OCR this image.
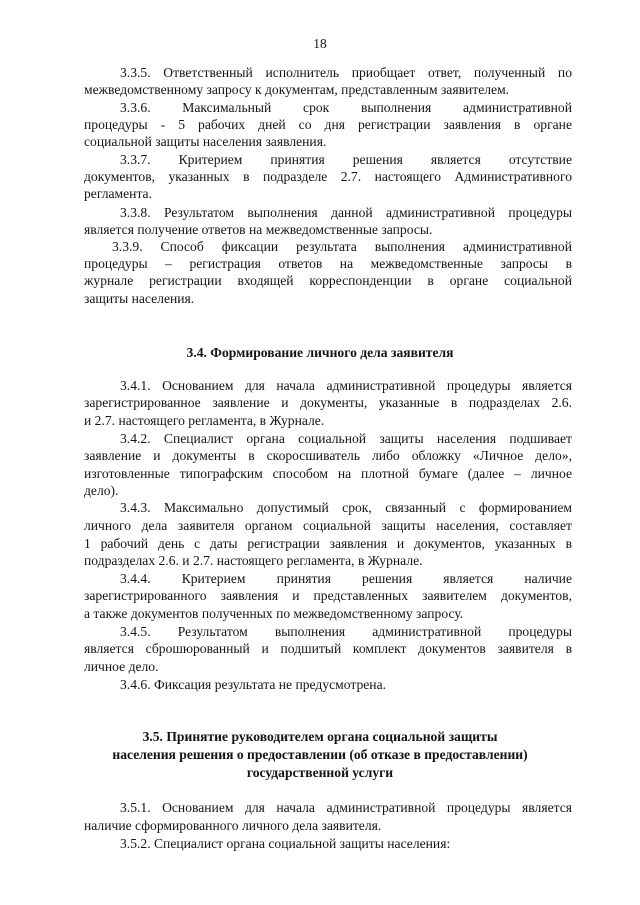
18

3.3.5. Ответственный исполнитель приобщает ответ, полученный по

межведомственному запросу к документам, представленным заявителем.

3.3.6. Максимальный срок выполнения административной

процедуры - 5 рабочих дней со дня регистрации заявления в органе

социальной защиты населения заявления.

3.3.7. Критерием принятия решения является отсутствие

документов, указанных в подразделе 2.7. настоящего Административного

регламента.

3.3.8. Результатом выполнения данной административной процедуры

является получение ответов на межведомственные запросы.

3.3.9. Способ фиксации результата выполнения административной

процедуры – регистрация ответов на межведомственные запросы в

журнале регистрации входящей корреспонденции в органе социальной

защиты населения.

3.4. Формирование личного дела заявителя

3.4.1. Основанием для начала административной процедуры является

зарегистрированное заявление и документы, указанные в подразделах 2.6.

и 2.7. настоящего регламента, в Журнале.

3.4.2. Специалист органа социальной защиты населения подшивает

заявление и документы в скоросшиватель либо обложку «Личное дело»,

изготовленные типографским способом на плотной бумаге (далее – личное

дело).

3.4.3. Максимально допустимый срок, связанный с формированием

личного дела заявителя органом социальной защиты населения, составляет

1 рабочий день с даты регистрации заявления и документов, указанных в

подразделах 2.6. и 2.7. настоящего регламента, в Журнале.

3.4.4. Критерием принятия решения является наличие

зарегистрированного заявления и представленных заявителем документов,

а также документов полученных по межведомственному запросу.

3.4.5. Результатом выполнения административной процедуры

является сброшюрованный и подшитый комплект документов заявителя в

личное дело.

3.4.6. Фиксация результата не предусмотрена.

3.5. Принятие руководителем органа социальной защиты

населения решения о предоставлении (об отказе в предоставлении)

государственной услуги

3.5.1. Основанием для начала административной процедуры является

наличие сформированного личного дела заявителя.

3.5.2. Специалист органа социальной защиты населения:
